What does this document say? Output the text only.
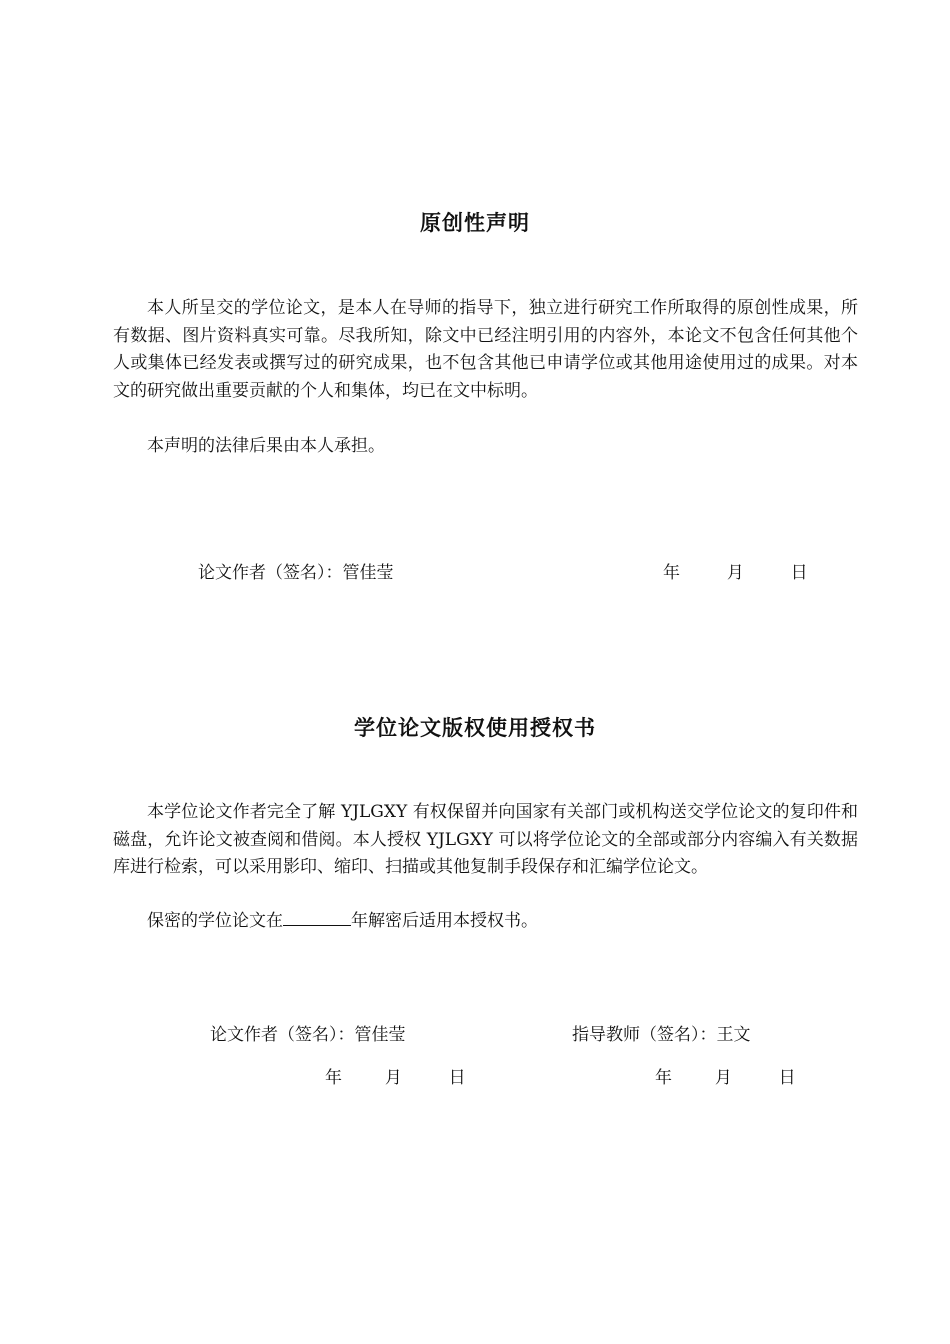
原创性声明

本人所呈交的学位论文，是本人在导师的指导下，独立进行研究工作所取得的原创性成果，所有数据、图片资料真实可靠。尽我所知，除文中已经注明引用的内容外，本论文不包含任何其他个人或集体已经发表或撰写过的研究成果，也不包含其他已申请学位或其他用途使用过的成果。对本文的研究做出重要贡献的个人和集体，均已在文中标明。

本声明的法律后果由本人承担。

论文作者（签名）：管佳莹	年	月	日
学位论文版权使用授权书

本学位论文作者完全了解 YJLGXY 有权保留并向国家有关部门或机构送交学位论文的复印件和磁盘，允许论文被查阅和借阅。本人授权 YJLGXY 可以将学位论文的全部或部分内容编入有关数据库进行检索，可以采用影印、缩印、扫描或其他复制手段保存和汇编学位论文。

保密的学位论文在	年解密后适用本授权书。

论文作者（签名）：管佳莹	指导教师（签名）：王文
年	月	日	年	月	日
